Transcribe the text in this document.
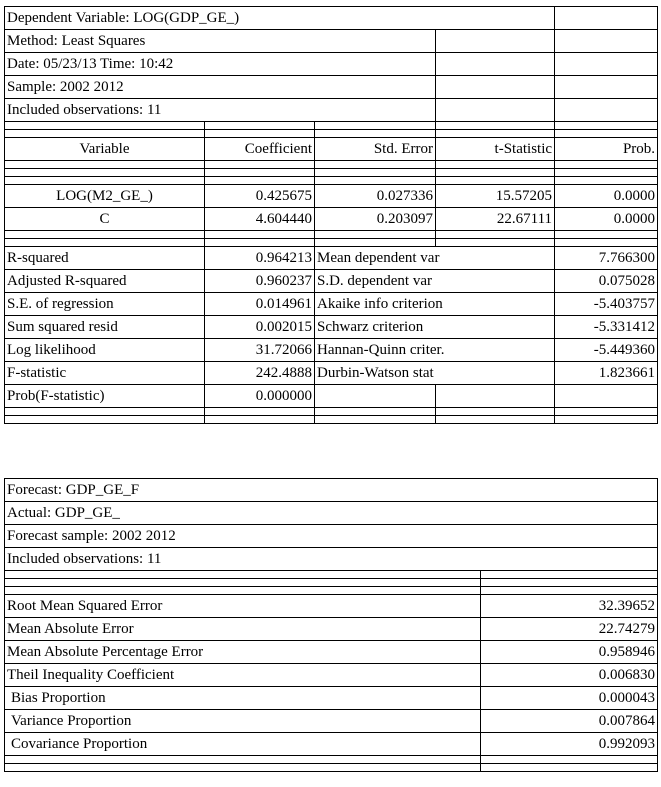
Dependent Variable: LOG(GDP_GE_)				
Method: Least Squares				
Date: 05/23/13 Time: 10:42				
Sample: 2002 2012				
Included observations: 11				

Variable	Coefficient	Std. Error	t-Statistic	Prob.

LOG(M2_GE_)	0.425675	0.027336	15.57205	0.0000
C	4.604440	0.203097	22.67111	0.0000

R-squared	0.964213	Mean dependent var		7.766300
Adjusted R-squared	0.960237	S.D. dependent var		0.075028
S.E. of regression	0.014961	Akaike info criterion		-5.403757
Sum squared resid	0.002015	Schwarz criterion		-5.331412
Log likelihood	31.72066	Hannan-Quinn criter.		-5.449360
F-statistic	242.4888	Durbin-Watson stat		1.823661
Prob(F-statistic)	0.000000			

Forecast: GDP_GE_F	
Actual: GDP_GE_	
Forecast sample: 2002 2012	
Included observations: 11	

Root Mean Squared Error	32.39652
Mean Absolute Error	22.74279
Mean Absolute Percentage Error	0.958946
Theil Inequality Coefficient	0.006830
Bias Proportion	0.000043
Variance Proportion	0.007864
Covariance Proportion	0.992093
